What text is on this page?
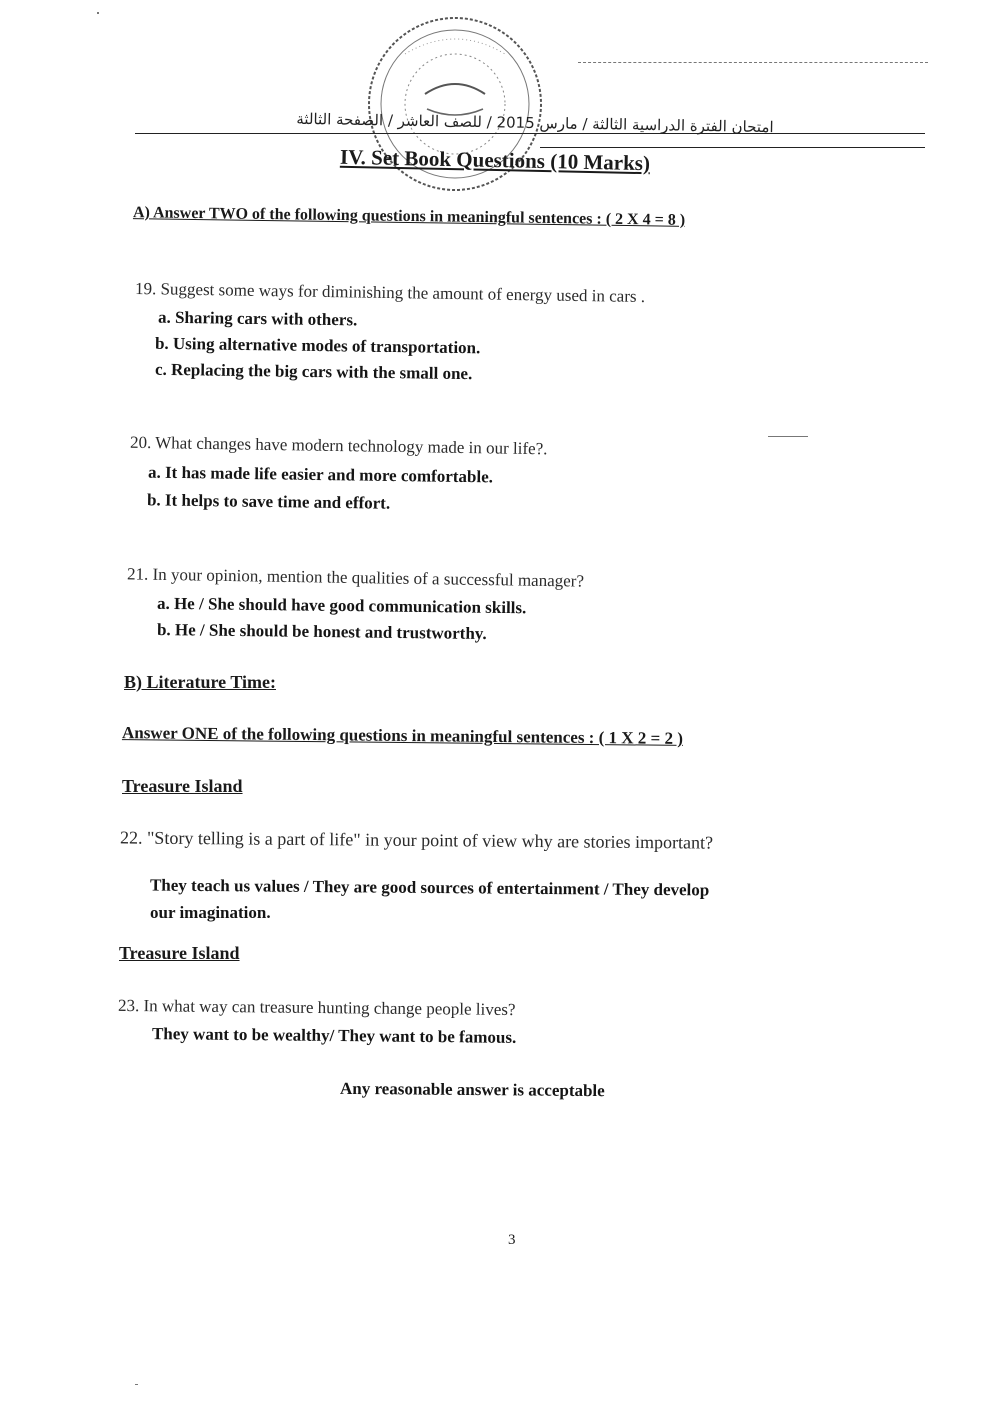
امتحان الفترة الدراسية الثالثة / مارس 2015 / للصف العاشر / الصفحة الثالثة
IV. Set Book Questions (10 Marks)
A) Answer TWO of the following questions in meaningful sentences : ( 2 X 4 = 8 )
19. Suggest some ways for diminishing the amount of energy used in cars .
a. Sharing cars with others.
b. Using alternative modes of transportation.
c. Replacing the big cars with the small one.
20. What changes have modern technology made in our life?.
a. It has made life easier and more comfortable.
b. It helps to save time and effort.
21. In your opinion, mention the qualities of a successful manager?
a. He / She should have good communication skills.
b. He / She should be honest and trustworthy.
B) Literature Time:
Answer ONE of the following questions in meaningful sentences : ( 1 X 2 = 2 )
Treasure Island
22. "Story telling is a part of life" in your point of view why are stories important?
They teach us values / They are good sources of entertainment / They develop
our imagination.
Treasure Island
23. In what way can treasure hunting change people lives?
They want to be wealthy/ They want to be famous.
Any reasonable answer is acceptable
3
